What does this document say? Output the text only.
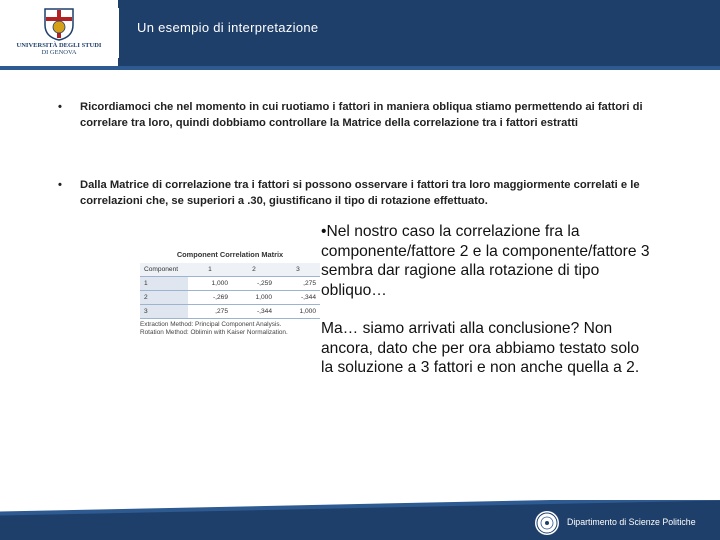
UNIVERSITÀ DEGLI STUDI
DI GENOVA
Un esempio di interpretazione
• Ricordiamoci che nel momento in cui ruotiamo i fattori in maniera obliqua stiamo permettendo ai fattori di correlare tra loro, quindi dobbiamo controllare la Matrice della correlazione tra i fattori estratti
• Dalla Matrice di correlazione tra i fattori si possono osservare i fattori tra loro maggiormente correlati e le correlazioni che, se superiori a .30, giustificano il tipo di rotazione effettuato.
Component Correlation Matrix
Component	1	2	3
1	1,000	-,259	,275
2	-,269	1,000	-,344
3	,275	-,344	1,000
Extraction Method: Principal Component Analysis.
Rotation Method: Oblimin with Kaiser Normalization.

•Nel nostro caso la correlazione fra la componente/fattore 2 e la componente/fattore 3 sembra dar ragione alla rotazione di tipo obliquo…

Ma… siamo arrivati alla conclusione? Non ancora, dato che per ora abbiamo testato solo la soluzione a 3 fattori e non anche quella a 2.

Dipartimento di Scienze Politiche
